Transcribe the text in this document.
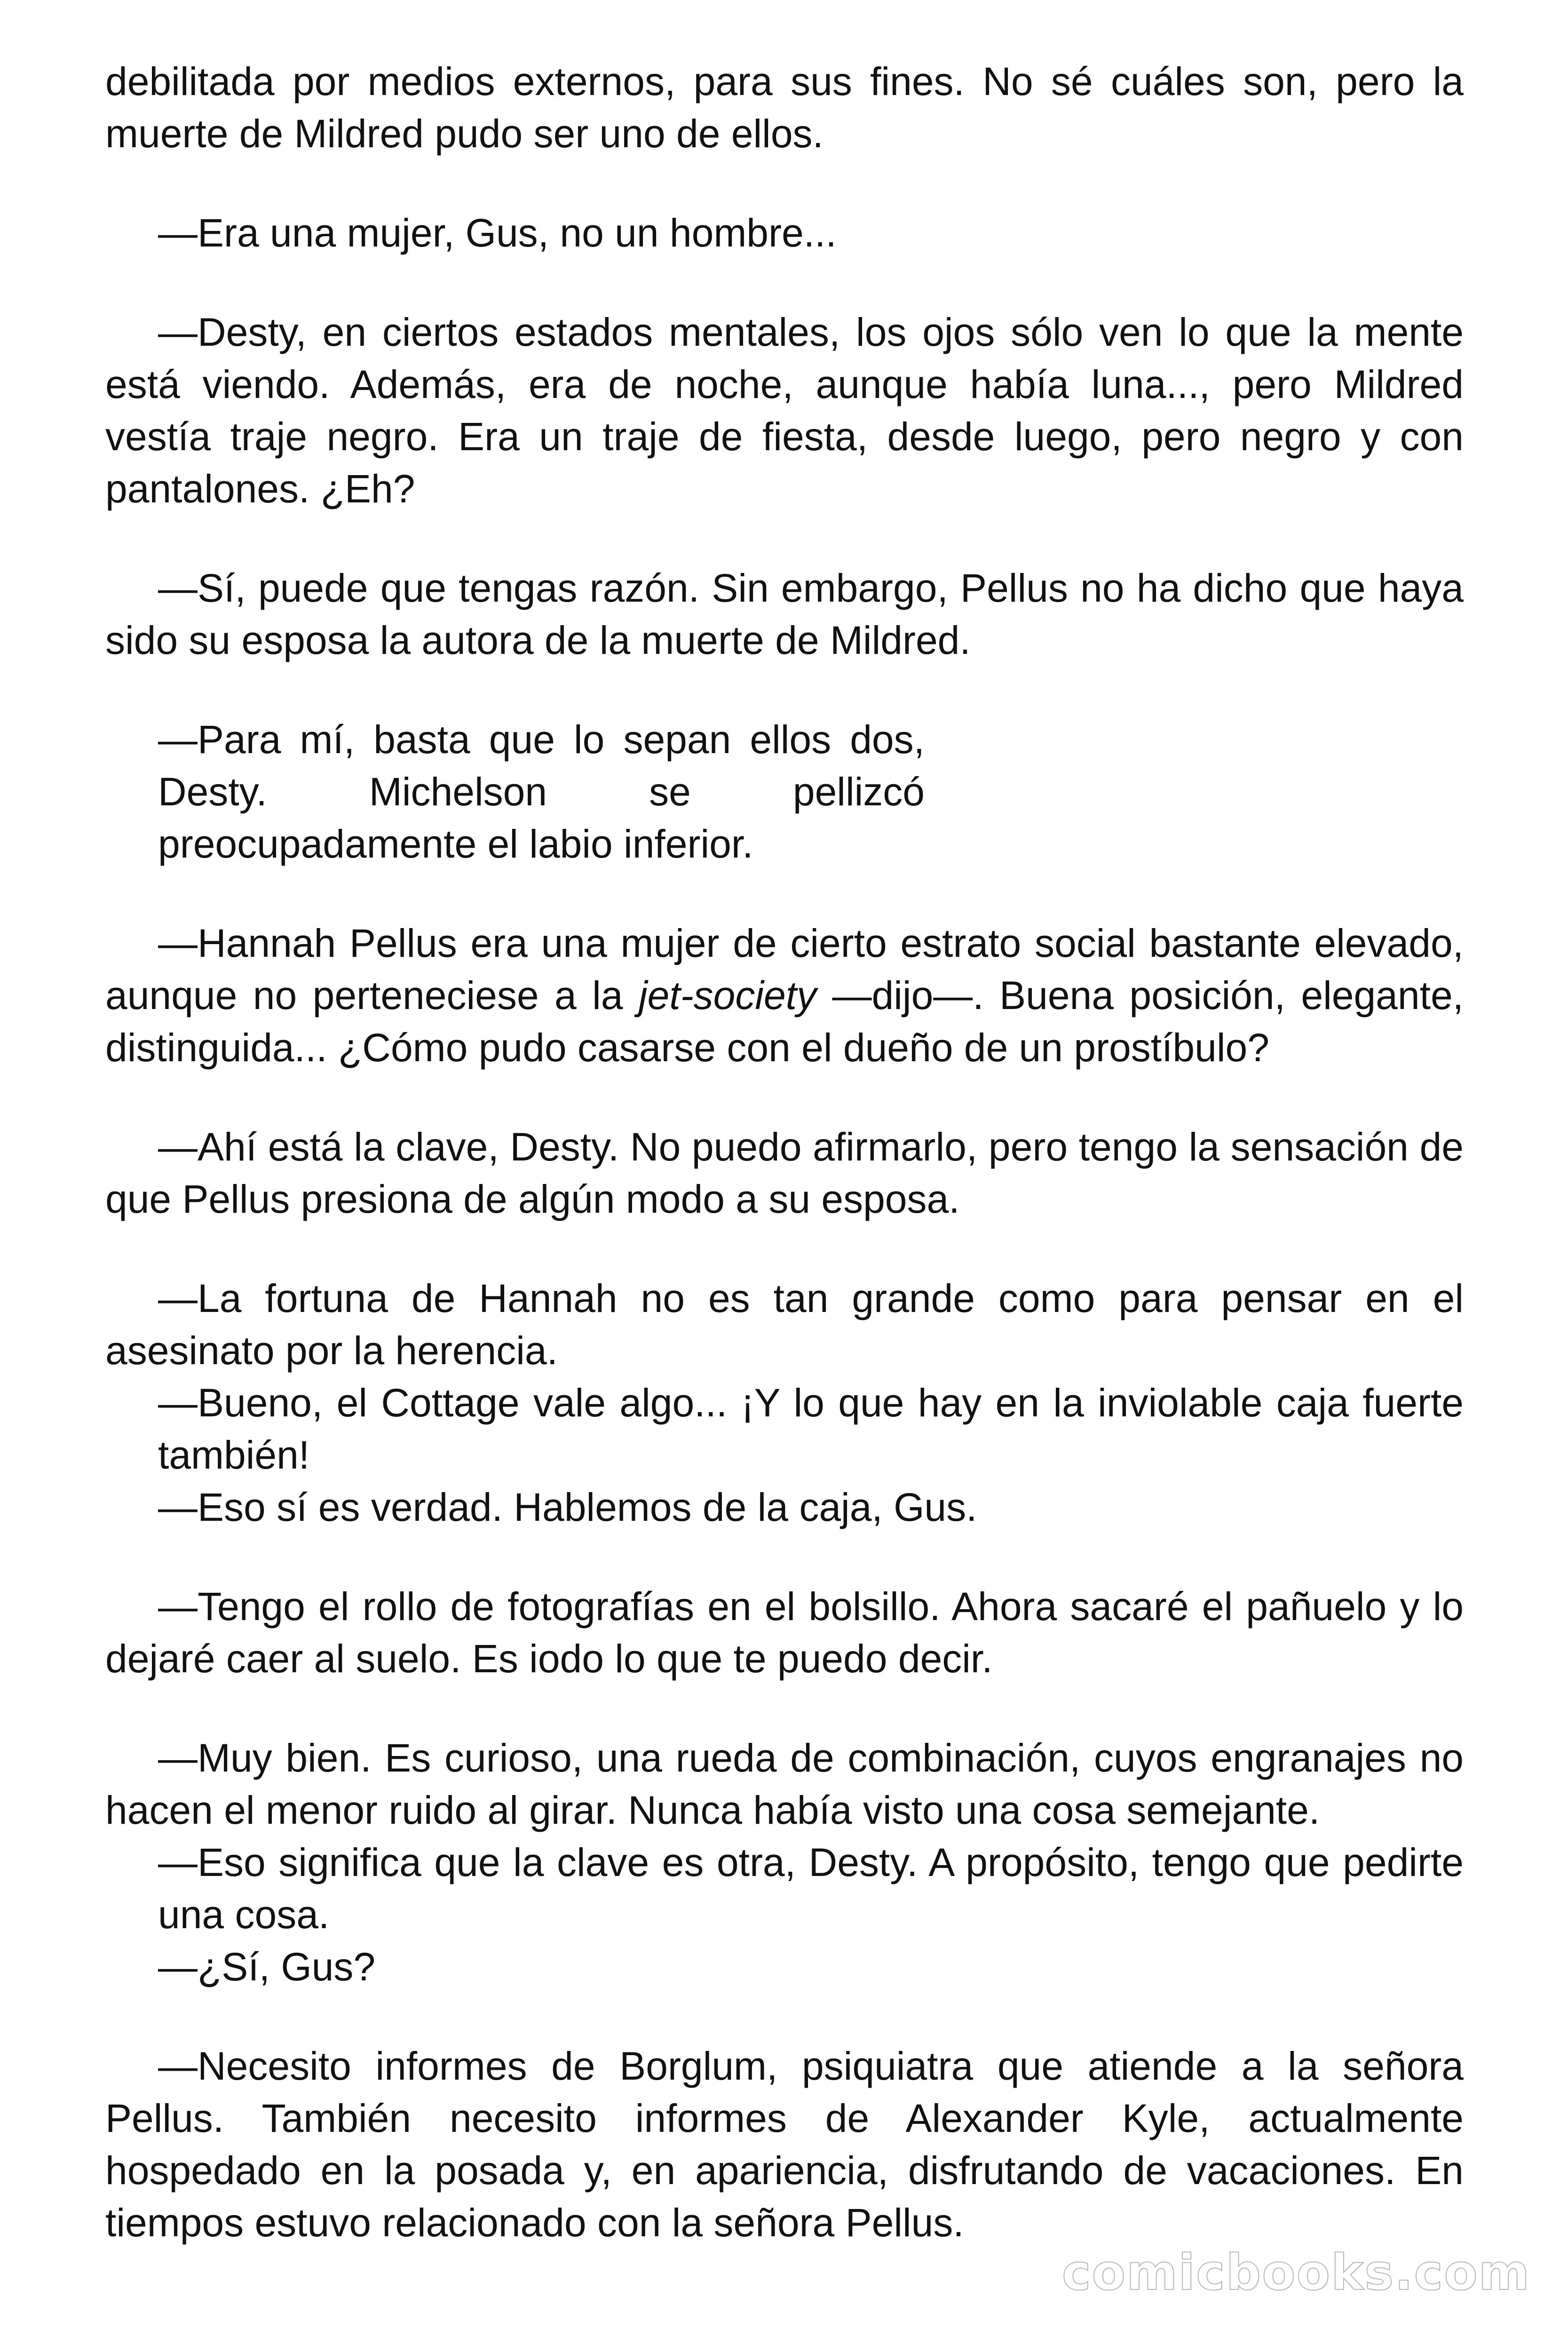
debilitada por medios externos, para sus fines. No sé cuáles son, pero la muerte de Mildred pudo ser uno de ellos.

—Era una mujer, Gus, no un hombre...

—Desty, en ciertos estados mentales, los ojos sólo ven lo que la mente está viendo. Además, era de noche, aunque había luna..., pero Mildred vestía traje negro. Era un traje de fiesta, desde luego, pero negro y con pantalones. ¿Eh?

—Sí, puede que tengas razón. Sin embargo, Pellus no ha dicho que haya sido su esposa la autora de la muerte de Mildred.

—Para mí, basta que lo sepan ellos dos, Desty. Michelson se pellizcó preocupadamente el labio inferior.

—Hannah Pellus era una mujer de cierto estrato social bastante elevado, aunque no perteneciese a la jet-society —dijo—. Buena posición, elegante, distinguida... ¿Cómo pudo casarse con el dueño de un prostíbulo?

—Ahí está la clave, Desty. No puedo afirmarlo, pero tengo la sensación de que Pellus presiona de algún modo a su esposa.

—La fortuna de Hannah no es tan grande como para pensar en el asesinato por la herencia.

—Bueno, el Cottage vale algo... ¡Y lo que hay en la inviolable caja fuerte también!

—Eso sí es verdad. Hablemos de la caja, Gus.

—Tengo el rollo de fotografías en el bolsillo. Ahora sacaré el pañuelo y lo dejaré caer al suelo. Es iodo lo que te puedo decir.

—Muy bien. Es curioso, una rueda de combinación, cuyos engranajes no hacen el menor ruido al girar. Nunca había visto una cosa semejante.

—Eso significa que la clave es otra, Desty. A propósito, tengo que pedirte una cosa.

—¿Sí, Gus?

—Necesito informes de Borglum, psiquiatra que atiende a la señora Pellus. También necesito informes de Alexander Kyle, actualmente hospedado en la posada y, en apariencia, disfrutando de vacaciones. En tiempos estuvo relacionado con la señora Pellus.

comicbooks.com
